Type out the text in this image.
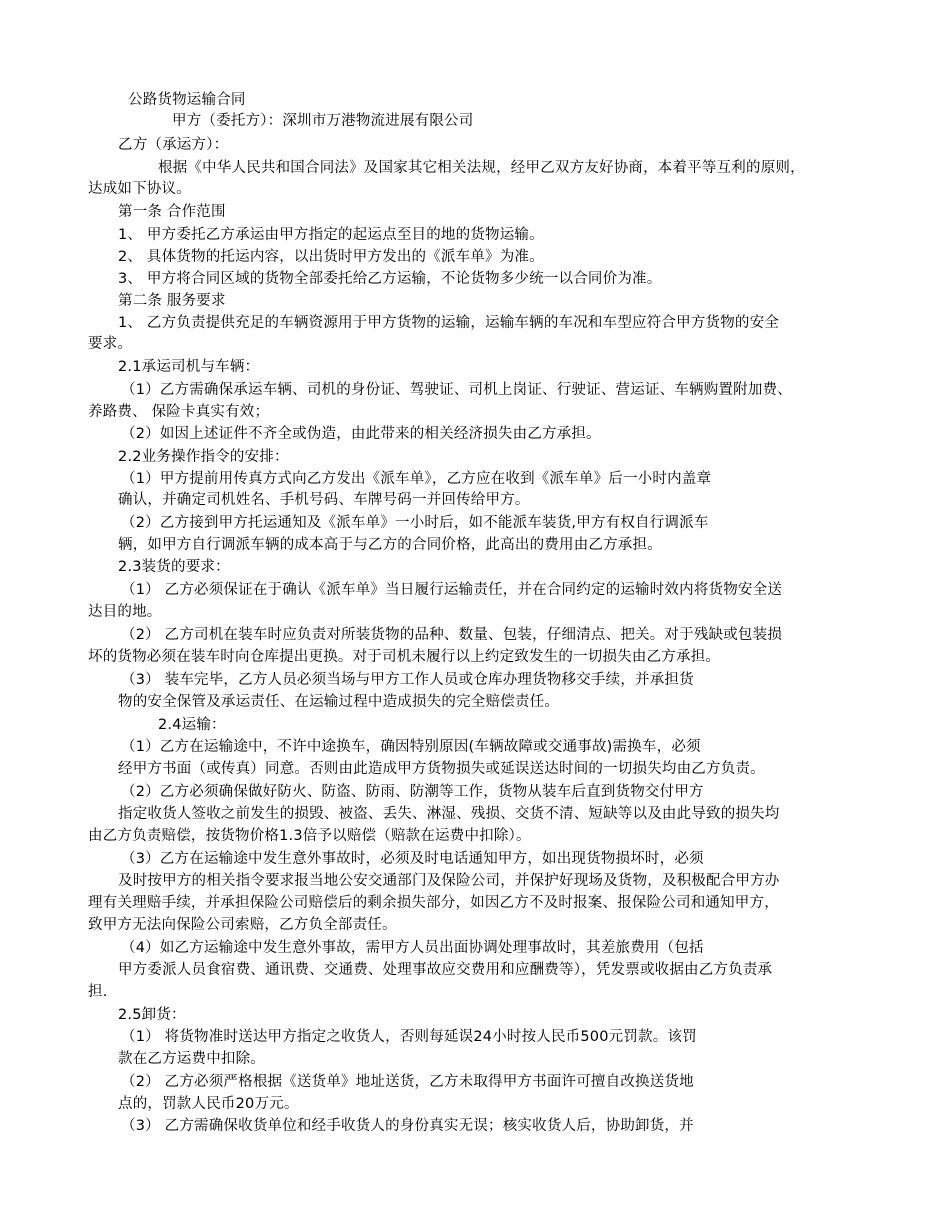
公路货物运输合同
甲方（委托方）：深圳市万港物流进展有限公司
乙方（承运方）：
根据《中华人民共和国合同法》及国家其它相关法规，经甲乙双方友好协商，本着平等互利的原则，
达成如下协议。
第一条 合作范围
1、 甲方委托乙方承运由甲方指定的起运点至目的地的货物运输。
2、 具体货物的托运内容，以出货时甲方发出的《派车单》为准。
3、 甲方将合同区域的货物全部委托给乙方运输，不论货物多少统一以合同价为准。
第二条 服务要求
1、 乙方负责提供充足的车辆资源用于甲方货物的运输，运输车辆的车况和车型应符合甲方货物的安全
要求。
2.1承运司机与车辆：
（1）乙方需确保承运车辆、司机的身份证、驾驶证、司机上岗证、行驶证、营运证、车辆购置附加费、
养路费、 保险卡真实有效；
（2）如因上述证件不齐全或伪造，由此带来的相关经济损失由乙方承担。
2.2业务操作指令的安排：
（1）甲方提前用传真方式向乙方发出《派车单》，乙方应在收到《派车单》后一小时内盖章
确认，并确定司机姓名、手机号码、车牌号码一并回传给甲方。
（2）乙方接到甲方托运通知及《派车单》一小时后，如不能派车装货,甲方有权自行调派车
辆，如甲方自行调派车辆的成本高于与乙方的合同价格，此高出的费用由乙方承担。
2.3装货的要求：
（1） 乙方必须保证在于确认《派车单》当日履行运输责任，并在合同约定的运输时效内将货物安全送
达目的地。
（2） 乙方司机在装车时应负责对所装货物的品种、数量、包装，仔细清点、把关。对于残缺或包装损
坏的货物必须在装车时向仓库提出更换。对于司机未履行以上约定致发生的一切损失由乙方承担。
（3） 装车完毕，乙方人员必须当场与甲方工作人员或仓库办理货物移交手续，并承担货
物的安全保管及承运责任、在运输过程中造成损失的完全赔偿责任。
2.4运输：
（1）乙方在运输途中，不许中途换车，确因特别原因(车辆故障或交通事故)需换车，必须
经甲方书面（或传真）同意。否则由此造成甲方货物损失或延误送达时间的一切损失均由乙方负责。
（2）乙方必须确保做好防火、防盗、防雨、防潮等工作，货物从装车后直到货物交付甲方
指定收货人签收之前发生的损毁、被盗、丢失、淋湿、残损、交货不清、短缺等以及由此导致的损失均
由乙方负责赔偿，按货物价格1.3倍予以赔偿（赔款在运费中扣除）。
（3）乙方在运输途中发生意外事故时，必须及时电话通知甲方，如出现货物损坏时，必须
及时按甲方的相关指令要求报当地公安交通部门及保险公司，并保护好现场及货物，及积极配合甲方办
理有关理赔手续，并承担保险公司赔偿后的剩余损失部分，如因乙方不及时报案、报保险公司和通知甲方，
致甲方无法向保险公司索赔，乙方负全部责任。
（4）如乙方运输途中发生意外事故，需甲方人员出面协调处理事故时，其差旅费用（包括
甲方委派人员食宿费、通讯费、交通费、处理事故应交费用和应酬费等），凭发票或收据由乙方负责承
担.
2.5卸货：
（1） 将货物准时送达甲方指定之收货人，否则每延误24小时按人民币500元罚款。该罚
款在乙方运费中扣除。
（2） 乙方必须严格根据《送货单》地址送货，乙方未取得甲方书面许可擅自改换送货地
点的，罚款人民币20万元。
（3） 乙方需确保收货单位和经手收货人的身份真实无误；核实收货人后，协助卸货，并
